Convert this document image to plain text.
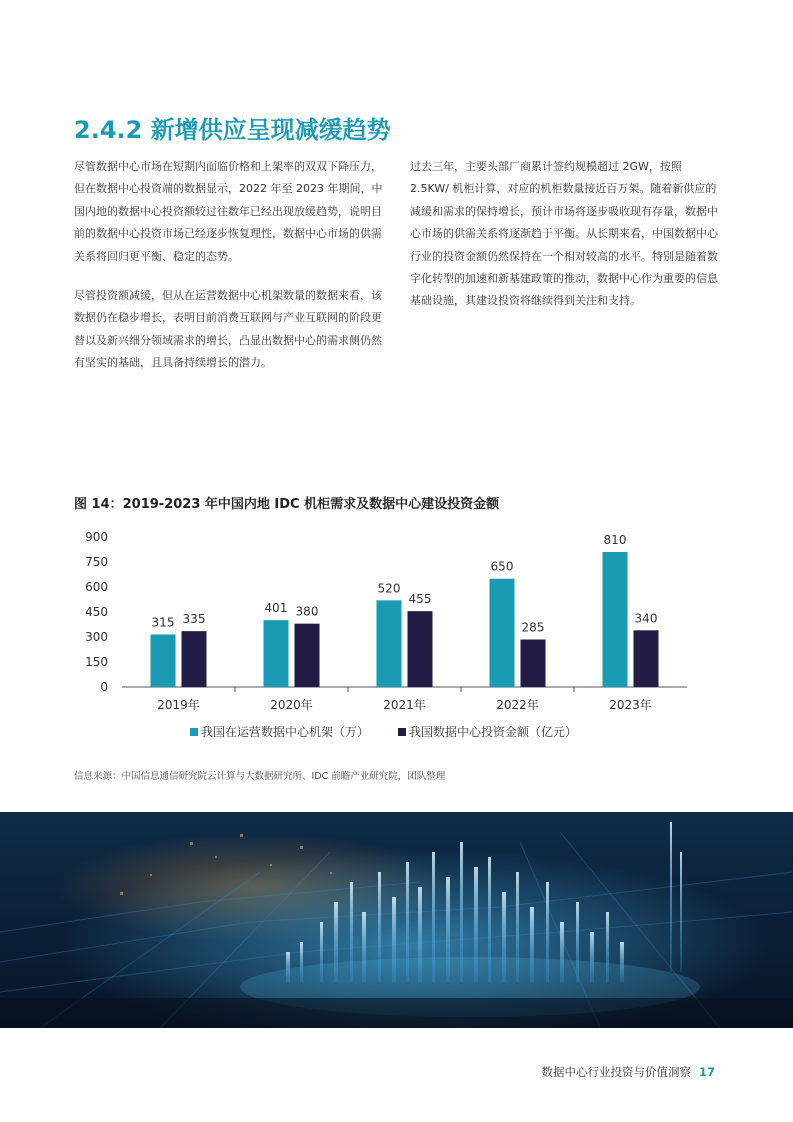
2.4.2 新增供应呈现减缓趋势

尽管数据中心市场在短期内面临价格和上架率的双双下降压力，但在数据中心投资端的数据显示，2022 年至 2023 年期间，中国内地的数据中心投资额较过往数年已经出现放缓趋势，说明目前的数据中心投资市场已经逐步恢复理性，数据中心市场的供需关系将回归更平衡、稳定的态势。

尽管投资额减缓，但从在运营数据中心机架数量的数据来看，该数据仍在稳步增长，表明目前消费互联网与产业互联网的阶段更替以及新兴细分领域需求的增长，凸显出数据中心的需求侧仍然有坚实的基础，且具备持续增长的潜力。

过去三年，主要头部厂商累计签约规模超过 2GW，按照 2.5KW/ 机柜计算，对应的机柜数量接近百万架。随着新供应的减缓和需求的保持增长，预计市场将逐步吸收现有存量，数据中心市场的供需关系将逐渐趋于平衡。从长期来看，中国数据中心行业的投资金额仍然保持在一个相对较高的水平。特别是随着数字化转型的加速和新基建政策的推动，数据中心作为重要的信息基础设施，其建设投资将继续得到关注和支持。

图 14：2019-2023 年中国内地 IDC 机柜需求及数据中心建设投资金额
0
150
300
450
600
750
900
315 335
2019年
401 380
2020年
520
455
2021年
650
285
2022年
810
340
2023年
我国在运营数据中心机架（万）	我国数据中心投资金额（亿元）
信息来源：中国信息通信研究院云计算与大数据研究所、IDC 前瞻产业研究院，团队整理
数据中心行业投资与价值洞察 17
